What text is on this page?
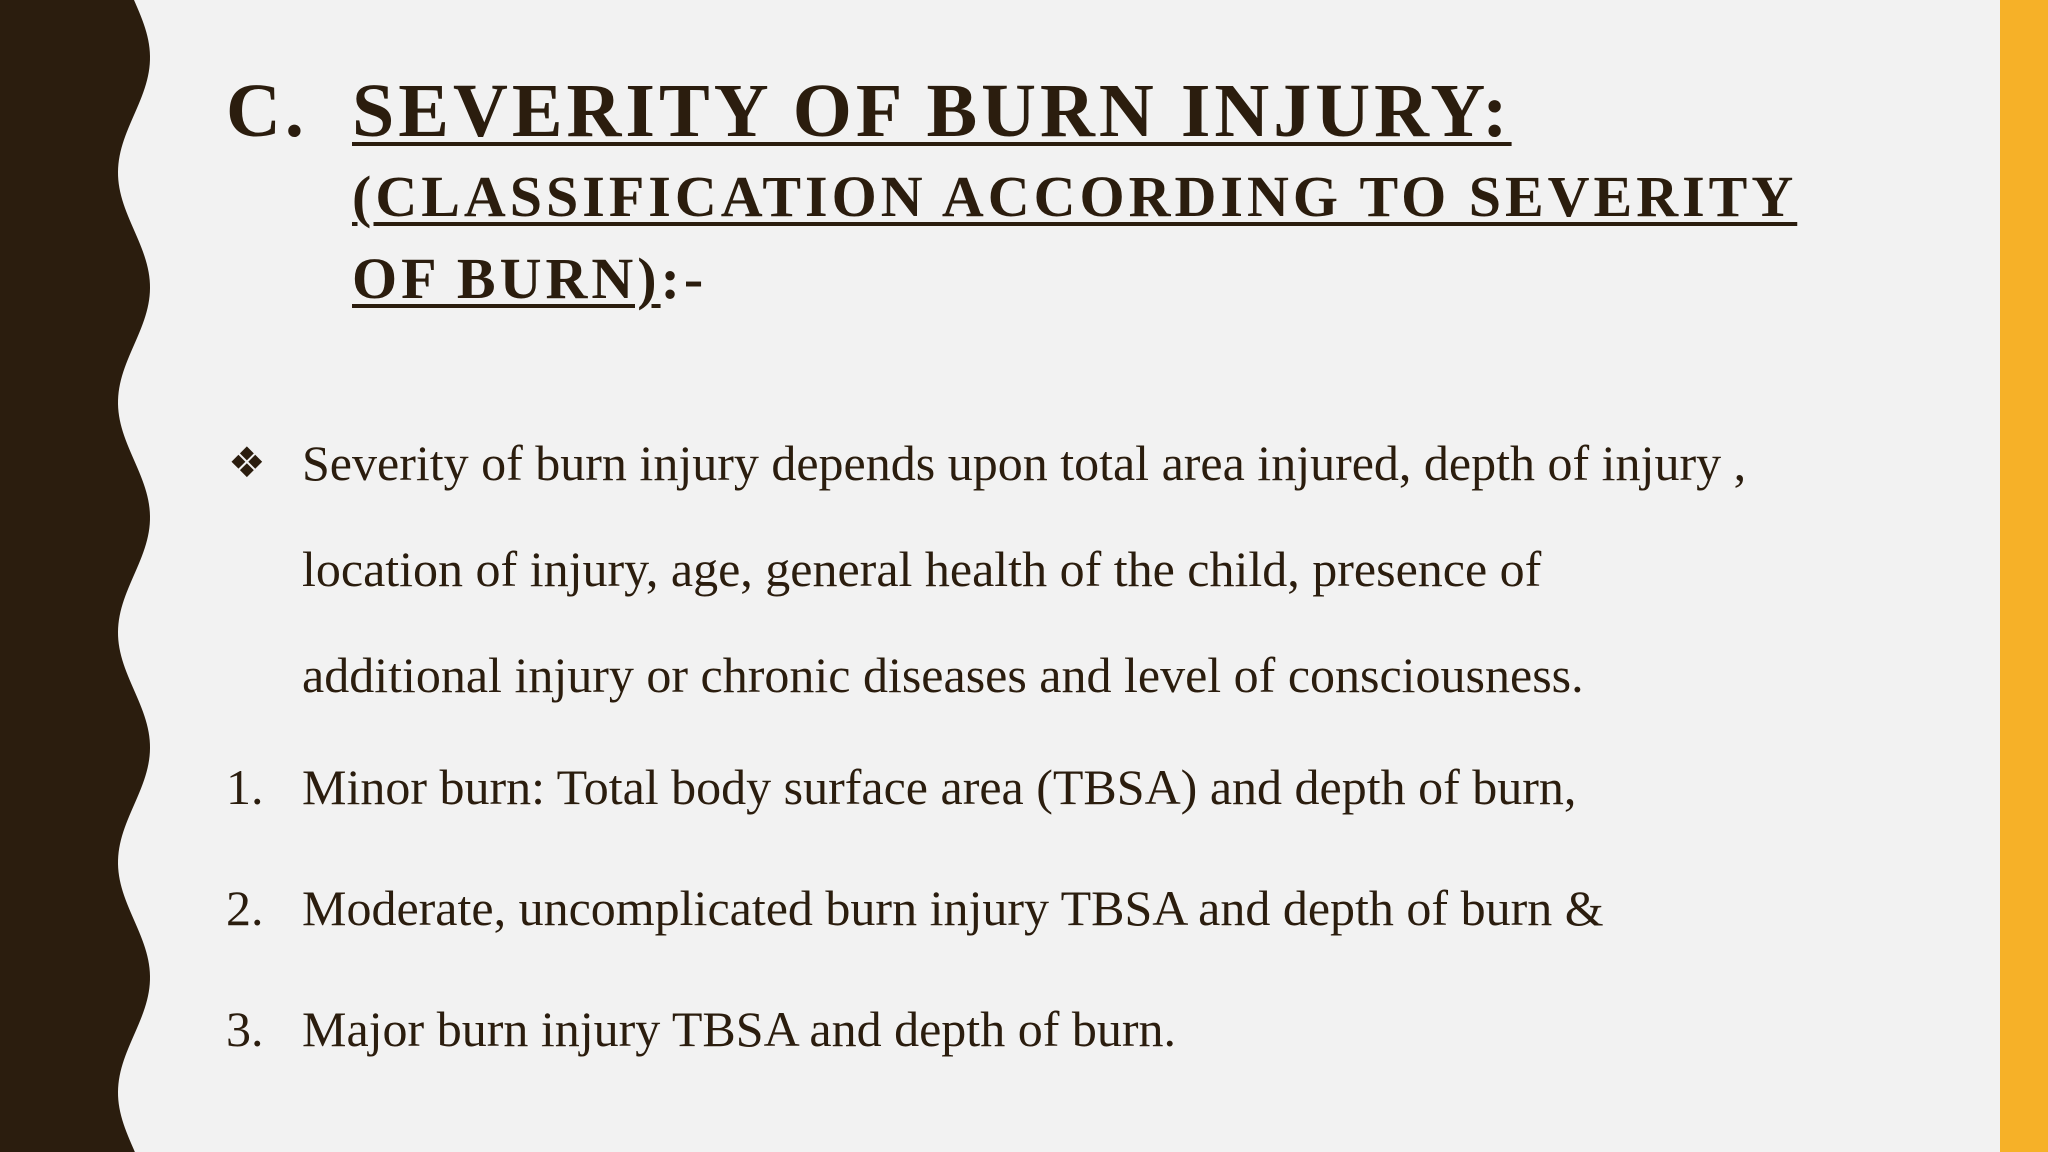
C. SEVERITY OF BURN INJURY:
(CLASSIFICATION ACCORDING TO SEVERITY
OF BURN):-
❖ Severity of burn injury depends upon total area injured, depth of injury ,
location of injury, age, general health of the child, presence of
additional injury or chronic diseases and level of consciousness.
1. Minor burn: Total body surface area (TBSA) and depth of burn,
2. Moderate, uncomplicated burn injury TBSA and depth of burn &
3. Major burn injury TBSA and depth of burn.
